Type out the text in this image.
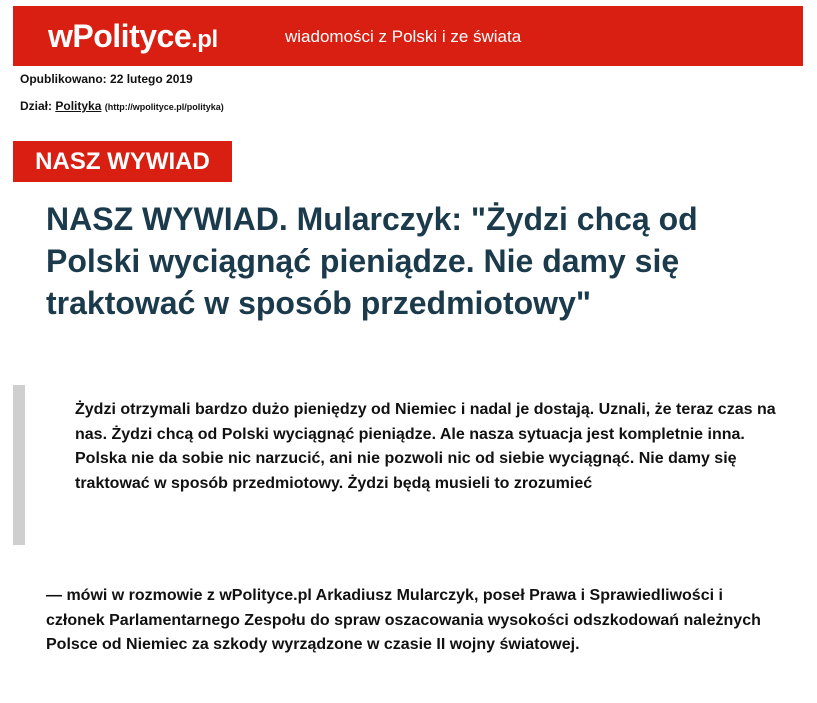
wPolityce.pl	wiadomości z Polski i ze świata
Opublikowano: 22 lutego 2019
Dział: Polityka (http://wpolityce.pl/polityka)
NASZ WYWIAD
NASZ WYWIAD. Mularczyk: "Żydzi chcą od Polski wyciągnąć pieniądze. Nie damy się traktować w sposób przedmiotowy"

Żydzi otrzymali bardzo dużo pieniędzy od Niemiec i nadal je dostają. Uznali, że teraz czas na nas. Żydzi chcą od Polski wyciągnąć pieniądze. Ale nasza sytuacja jest kompletnie inna. Polska nie da sobie nic narzucić, ani nie pozwoli nic od siebie wyciągnąć. Nie damy się traktować w sposób przedmiotowy. Żydzi będą musieli to zrozumieć

— mówi w rozmowie z wPolityce.pl Arkadiusz Mularczyk, poseł Prawa i Sprawiedliwości i członek Parlamentarnego Zespołu do spraw oszacowania wysokości odszkodowań należnych Polsce od Niemiec za szkody wyrządzone w czasie II wojny światowej.
